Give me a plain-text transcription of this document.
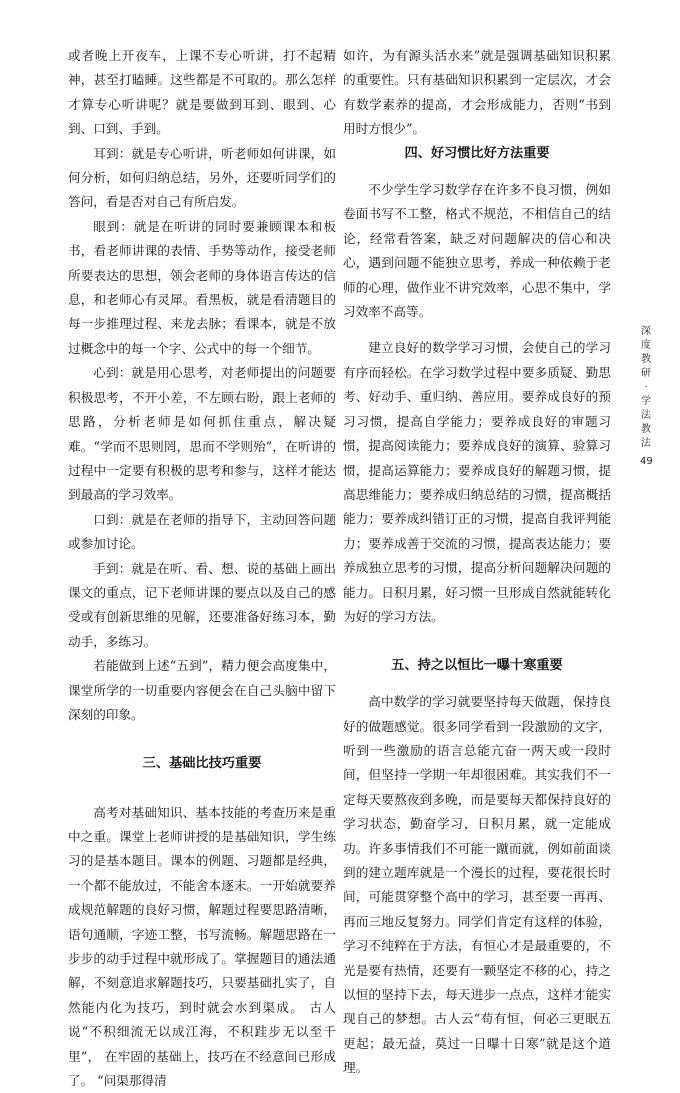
或者晚上开夜车，上课不专心听讲，打不起精神，甚至打瞌睡。这些都是不可取的。那么怎样才算专心听讲呢？就是要做到耳到、眼到、心到、口到、手到。

耳到：就是专心听讲，听老师如何讲课，如何分析，如何归纳总结，另外，还要听同学们的答问，看是否对自己有所启发。

眼到：就是在听讲的同时要兼顾课本和板书，看老师讲课的表情、手势等动作，接受老师所要表达的思想，领会老师的身体语言传达的信息，和老师心有灵犀。看黑板，就是看清题目的每一步推理过程、来龙去脉；看课本，就是不放过概念中的每一个字、公式中的每一个细节。

心到：就是用心思考，对老师提出的问题要积极思考，不开小差，不左顾右盼，跟上老师的思路，分析老师是如何抓住重点，解决疑难。“学而不思则罔，思而不学则殆”，在听讲的过程中一定要有积极的思考和参与，这样才能达到最高的学习效率。

口到：就是在老师的指导下，主动回答问题或参加讨论。

手到：就是在听、看、想、说的基础上画出课文的重点，记下老师讲课的要点以及自己的感受或有创新思维的见解，还要准备好练习本，勤动手，多练习。

若能做到上述“五到”，精力便会高度集中，课堂所学的一切重要内容便会在自己头脑中留下深刻的印象。

三、基础比技巧重要

高考对基础知识、基本技能的考查历来是重中之重。课堂上老师讲授的是基础知识，学生练习的是基本题目。课本的例题、习题都是经典，一个都不能放过，不能舍本逐末。一开始就要养成规范解题的良好习惯，解题过程要思路清晰，语句通顺，字迹工整，书写流畅。解题思路在一步步的动手过程中就形成了。掌握题目的通法通解，不刻意追求解题技巧，只要基础扎实了，自然能内化为技巧，到时就会水到渠成。 古人说“不积细流无以成江海，不积跬步无以至千里”， 在牢固的基础上，技巧在不经意间已形成了。 “问渠那得清

如许，为有源头活水来”就是强调基础知识积累的重要性。只有基础知识积累到一定层次，才会有数学素养的提高，才会形成能力，否则“书到用时方恨少”。

四、好习惯比好方法重要

不少学生学习数学存在许多不良习惯，例如卷面书写不工整，格式不规范，不相信自己的结论，经常看答案，缺乏对问题解决的信心和决心，遇到问题不能独立思考，养成一种依赖于老师的心理，做作业不讲究效率，心思不集中，学习效率不高等。

建立良好的数学学习习惯，会使自己的学习有序而轻松。在学习数学过程中要多质疑、勤思考、好动手、重归纳、善应用。要养成良好的预习习惯，提高自学能力；要养成良好的审题习惯，提高阅读能力；要养成良好的演算、验算习惯，提高运算能力；要养成良好的解题习惯，提高思维能力；要养成归纳总结的习惯，提高概括能力；要养成纠错订正的习惯，提高自我评判能力；要养成善于交流的习惯，提高表达能力；要养成独立思考的习惯，提高分析问题解决问题的能力。日积月累，好习惯一旦形成自然就能转化为好的学习方法。

五、持之以恒比一曝十寒重要

高中数学的学习就要坚持每天做题，保持良好的做题感觉。很多同学看到一段激励的文字，听到一些激励的语言总能亢奋一两天或一段时间，但坚持一学期一年却很困难。其实我们不一定每天要熬夜到多晚，而是要每天都保持良好的学习状态，勤奋学习，日积月累，就一定能成功。许多事情我们不可能一蹴而就，例如前面谈到的建立题库就是一个漫长的过程，要花很长时间，可能贯穿整个高中的学习，甚至要一再再、再而三地反复努力。同学们肯定有这样的体验，学习不纯粹在于方法，有恒心才是最重要的，不光是要有热情，还要有一颗坚定不移的心，持之以恒的坚持下去，每天进步一点点，这样才能实现自己的梦想。古人云“苟有恒，何必三更眠五更起；最无益，莫过一日曝十日寒”就是这个道理。

深
度
教
研
·
学
法
教
法
49
